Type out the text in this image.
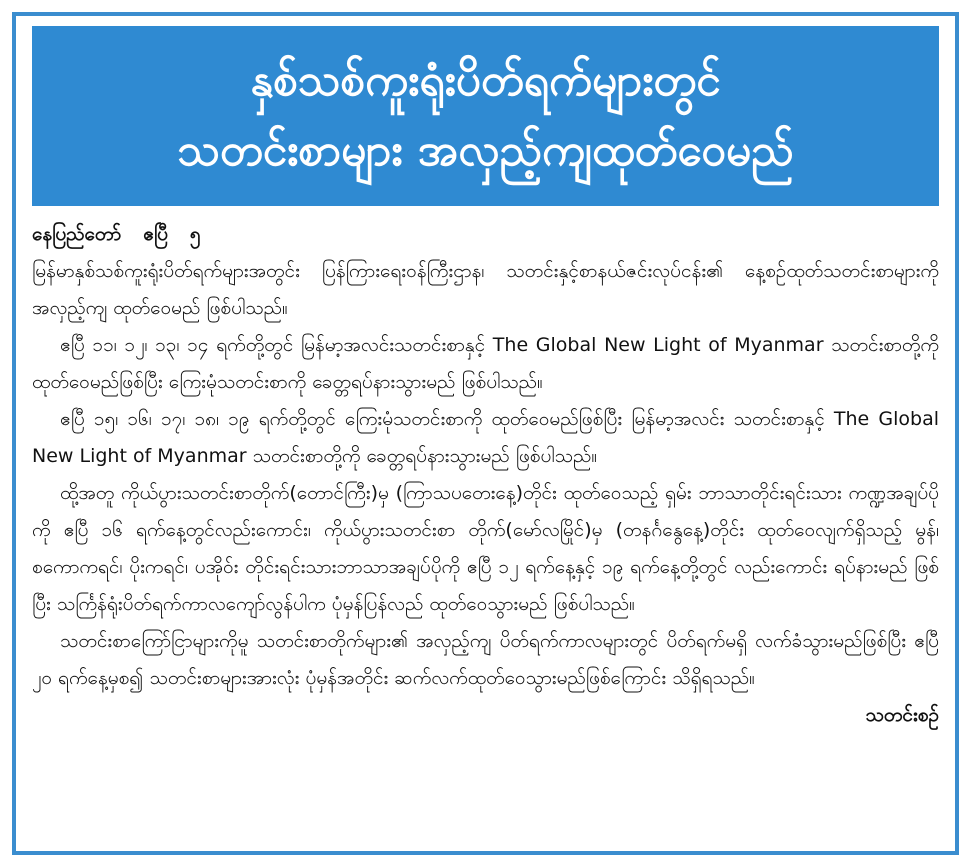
နှစ်သစ်ကူးရုံးပိတ်ရက်များတွင်
သတင်းစာများ အလှည့်ကျထုတ်ဝေမည်
နေပြည်တော် ဧပြီ ၅

မြန်မာနှစ်သစ်ကူးရုံးပိတ်ရက်များအတွင်း ပြန်ကြားရေးဝန်ကြီးဌာန၊ သတင်းနှင့်စာနယ်ဇင်းလုပ်ငန်း၏ နေ့စဉ်ထုတ်သတင်းစာများကို အလှည့်ကျ ထုတ်ဝေမည် ဖြစ်ပါသည်။

ဧပြီ ၁၁၊ ၁၂၊ ၁၃၊ ၁၄ ရက်တို့တွင် မြန်မာ့အလင်းသတင်းစာနှင့် The Global New Light of Myanmar သတင်းစာတို့ကို ထုတ်ဝေမည်ဖြစ်ပြီး ကြေးမုံသတင်းစာကို ခေတ္တရပ်နားသွားမည် ဖြစ်ပါသည်။

ဧပြီ ၁၅၊ ၁၆၊ ၁၇၊ ၁၈၊ ၁၉ ရက်တို့တွင် ကြေးမုံသတင်းစာကို ထုတ်ဝေမည်ဖြစ်ပြီး မြန်မာ့အလင်း သတင်းစာနှင့် The Global New Light of Myanmar သတင်းစာတို့ကို ခေတ္တရပ်နားသွားမည် ဖြစ်ပါသည်။

ထို့အတူ ကိုယ်ပွားသတင်းစာတိုက်(တောင်ကြီး)မှ (ကြာသပတေးနေ့)တိုင်း ထုတ်ဝေသည့် ရှမ်း ဘာသာတိုင်းရင်းသား ကဏ္ဍအချပ်ပိုကို ဧပြီ ၁၆ ရက်နေ့တွင်လည်းကောင်း၊ ကိုယ်ပွားသတင်းစာ တိုက်(မော်လမြိုင်)မှ (တနင်္ဂနွေနေ့)တိုင်း ထုတ်ဝေလျက်ရှိသည့် မွန်၊ စကောကရင်၊ ပိုးကရင်၊ ပအိုဝ်း တိုင်းရင်းသားဘာသာအချပ်ပိုကို ဧပြီ ၁၂ ရက်နေ့နှင့် ၁၉ ရက်နေ့တို့တွင် လည်းကောင်း ရပ်နားမည် ဖြစ်ပြီး သင်္ကြန်ရုံးပိတ်ရက်ကာလကျော်လွန်ပါက ပုံမှန်ပြန်လည် ထုတ်ဝေသွားမည် ဖြစ်ပါသည်။

သတင်းစာကြော်ငြာများကိုမူ သတင်းစာတိုက်များ၏ အလှည့်ကျ ပိတ်ရက်ကာလများတွင် ပိတ်ရက်မရှိ လက်ခံသွားမည်ဖြစ်ပြီး ဧပြီ ၂၀ ရက်နေ့မှစ၍ သတင်းစာများအားလုံး ပုံမှန်အတိုင်း ဆက်လက်ထုတ်ဝေသွားမည်ဖြစ်ကြောင်း သိရှိရသည်။

သတင်းစဉ်
